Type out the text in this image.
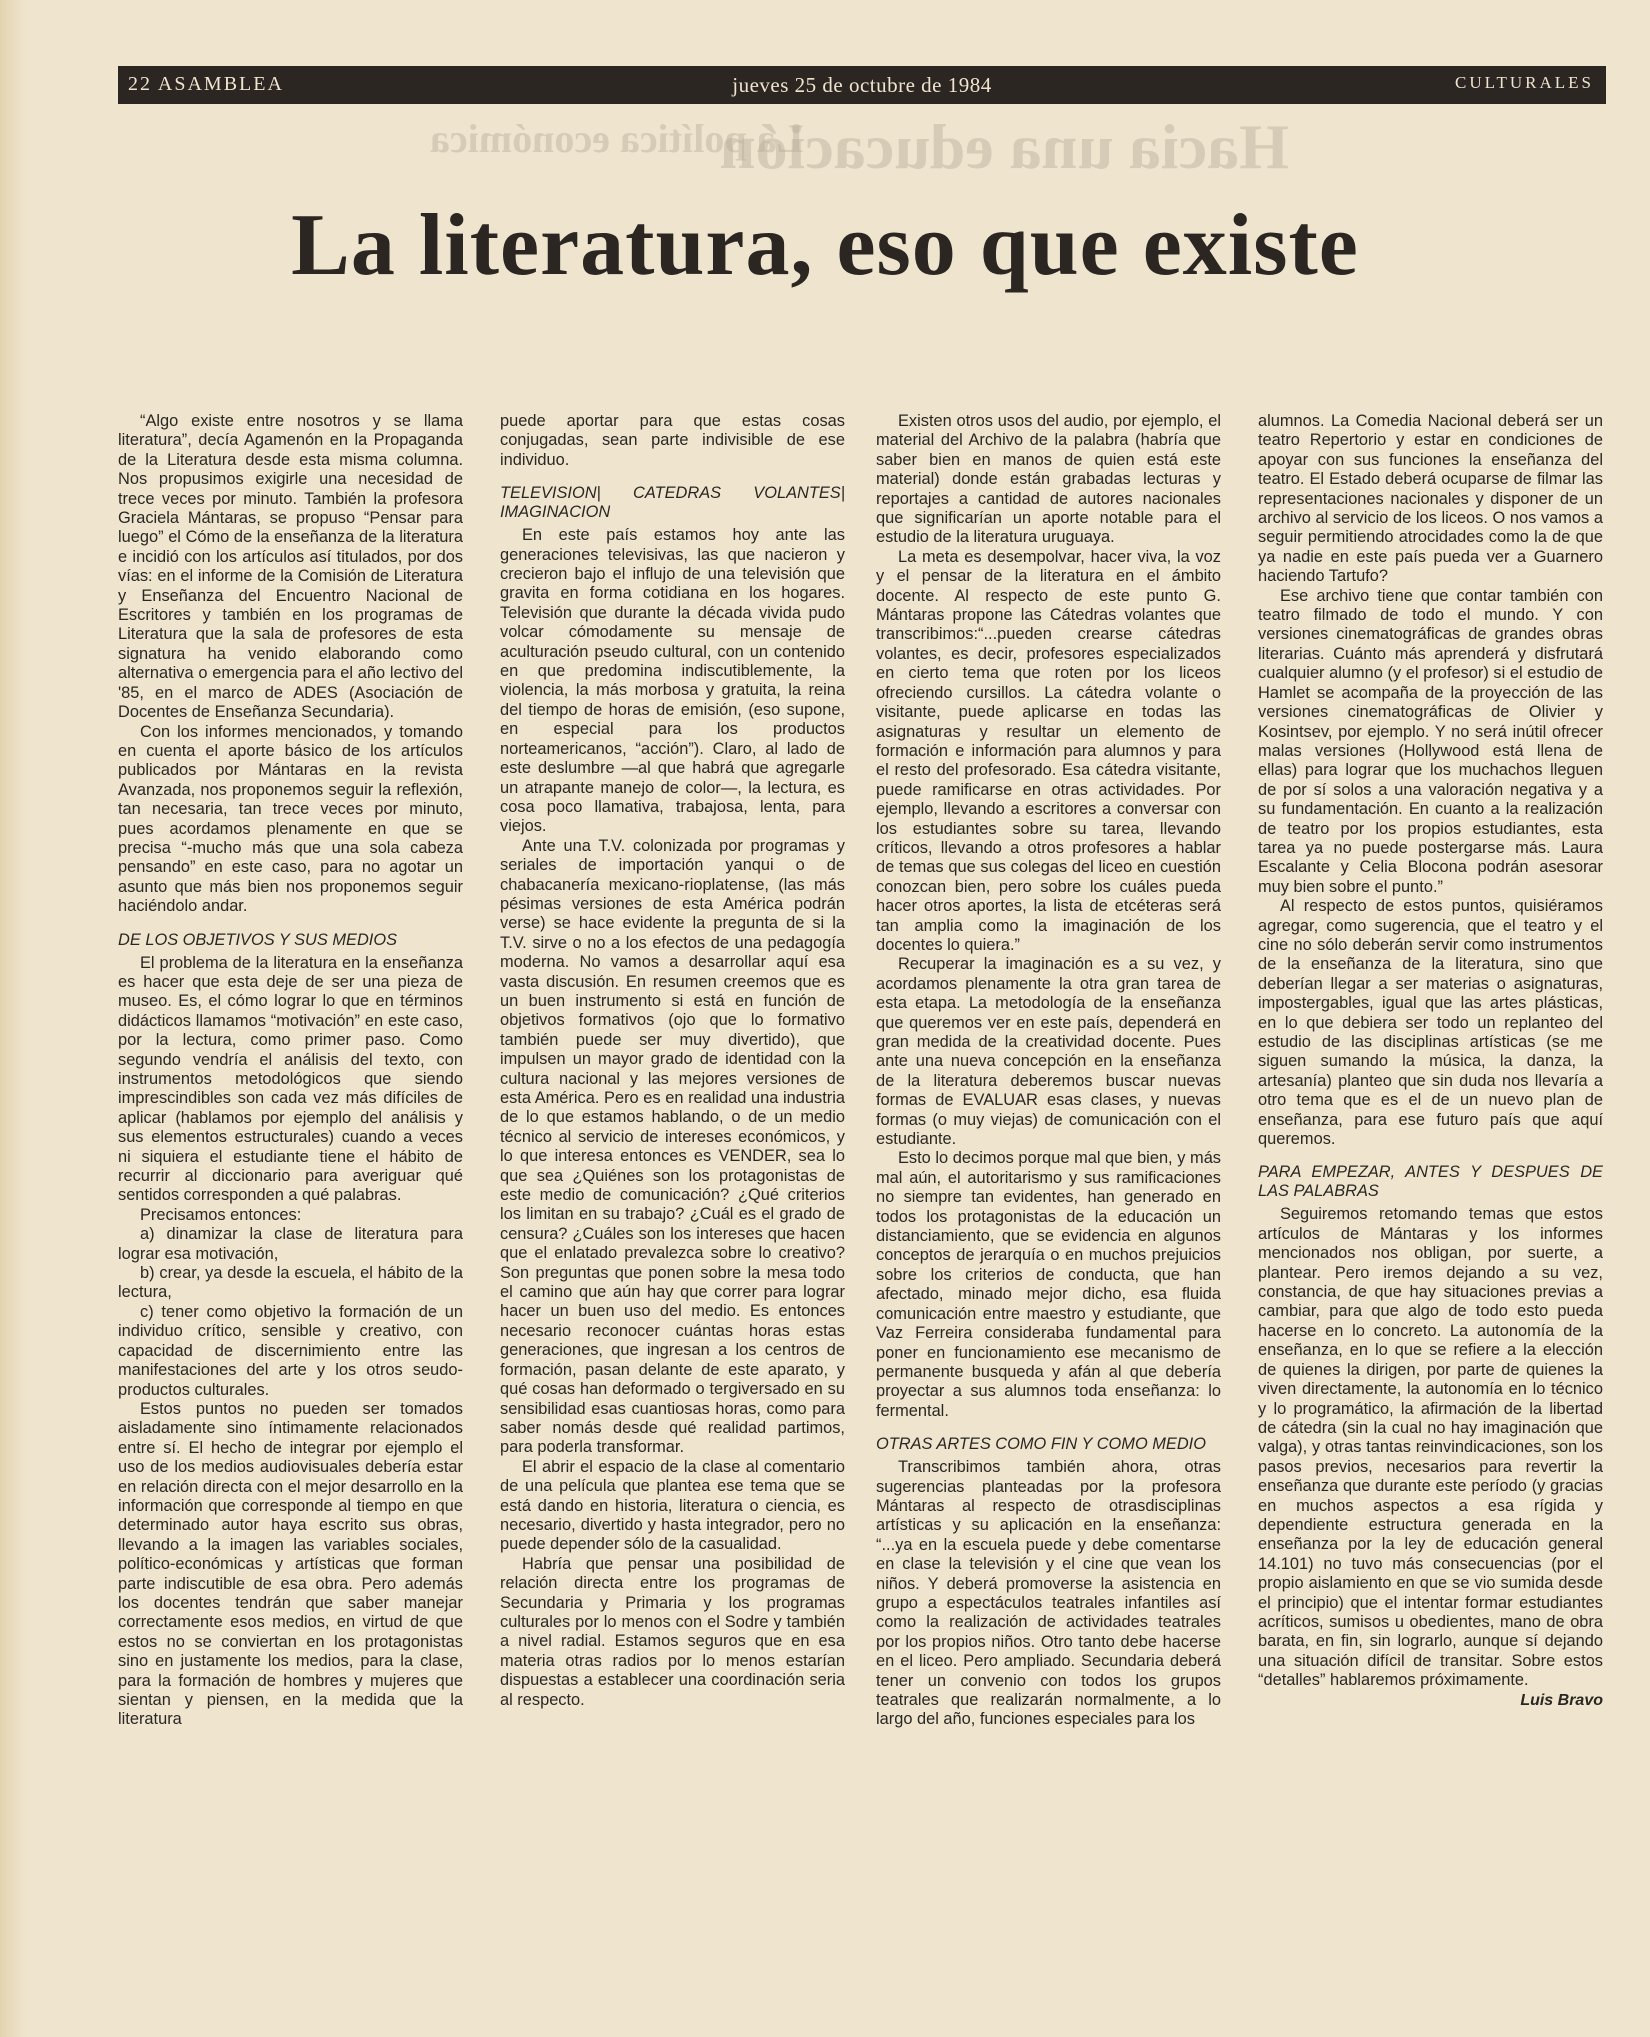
22 ASAMBLEA	jueves 25 de octubre de 1984	CULTURALES
Hacia una educación
La política económica
La literatura, eso que existe

“Algo existe entre nosotros y se llama literatura”, decía Agamenón en la Propaganda de la Literatura desde esta misma columna. Nos propusimos exigirle una necesidad de trece veces por minuto. También la profesora Graciela Mántaras, se propuso “Pensar para luego” el Cómo de la enseñanza de la literatura e incidió con los artículos así titulados, por dos vías: en el informe de la Comisión de Literatura y Enseñanza del Encuentro Nacional de Escritores y también en los programas de Literatura que la sala de profesores de esta signatura ha venido elaborando como alternativa o emergencia para el año lectivo del '85, en el marco de ADES (Asociación de Docentes de Enseñanza Secundaria).

Con los informes mencionados, y tomando en cuenta el aporte básico de los artículos publicados por Mántaras en la revista Avanzada, nos proponemos seguir la reflexión, tan necesaria, tan trece veces por minuto, pues acordamos plenamente en que se precisa “-mucho más que una sola cabeza pensando” en este caso, para no agotar un asunto que más bien nos proponemos seguir haciéndolo andar.

DE LOS OBJETIVOS Y SUS MEDIOS

El problema de la literatura en la enseñanza es hacer que esta deje de ser una pieza de museo. Es, el cómo lograr lo que en términos didácticos llamamos “motivación” en este caso, por la lectura, como primer paso. Como segundo vendría el análisis del texto, con instrumentos metodológicos que siendo imprescindibles son cada vez más difíciles de aplicar (hablamos por ejemplo del análisis y sus elementos estructurales) cuando a veces ni siquiera el estudiante tiene el hábito de recurrir al diccionario para averiguar qué sentidos corresponden a qué palabras.

Precisamos entonces:

a) dinamizar la clase de literatura para lograr esa motivación,

b) crear, ya desde la escuela, el hábito de la lectura,

c) tener como objetivo la formación de un individuo crítico, sensible y creativo, con capacidad de discernimiento entre las manifestaciones del arte y los otros seudo-productos culturales.

Estos puntos no pueden ser tomados aisladamente sino íntimamente relacionados entre sí. El hecho de integrar por ejemplo el uso de los medios audiovisuales debería estar en relación directa con el mejor desarrollo en la información que corresponde al tiempo en que determinado autor haya escrito sus obras, llevando a la imagen las variables sociales, político-económicas y artísticas que forman parte indiscutible de esa obra. Pero además los docentes tendrán que saber manejar correctamente esos medios, en virtud de que estos no se conviertan en los protagonistas sino en justamente los medios, para la clase, para la formación de hombres y mujeres que sientan y piensen, en la medida que la literatura

puede aportar para que estas cosas conjugadas, sean parte indivisible de ese individuo.

TELEVISION| CATEDRAS VOLANTES| IMAGINACION

En este país estamos hoy ante las generaciones televisivas, las que nacieron y crecieron bajo el influjo de una televisión que gravita en forma cotidiana en los hogares. Televisión que durante la década vivida pudo volcar cómodamente su mensaje de aculturación pseudo cultural, con un contenido en que predomina indiscutiblemente, la violencia, la más morbosa y gratuita, la reina del tiempo de horas de emisión, (eso supone, en especial para los productos norteamericanos, “acción”). Claro, al lado de este deslumbre —al que habrá que agregarle un atrapante manejo de color—, la lectura, es cosa poco llamativa, trabajosa, lenta, para viejos.

Ante una T.V. colonizada por programas y seriales de importación yanqui o de chabacanería mexicano-rioplatense, (las más pésimas versiones de esta América podrán verse) se hace evidente la pregunta de si la T.V. sirve o no a los efectos de una pedagogía moderna. No vamos a desarrollar aquí esa vasta discusión. En resumen creemos que es un buen instrumento si está en función de objetivos formativos (ojo que lo formativo también puede ser muy divertido), que impulsen un mayor grado de identidad con la cultura nacional y las mejores versiones de esta América. Pero es en realidad una industria de lo que estamos hablando, o de un medio técnico al servicio de intereses económicos, y lo que interesa entonces es VENDER, sea lo que sea ¿Quiénes son los protagonistas de este medio de comunicación? ¿Qué criterios los limitan en su trabajo? ¿Cuál es el grado de censura? ¿Cuáles son los intereses que hacen que el enlatado prevalezca sobre lo creativo? Son preguntas que ponen sobre la mesa todo el camino que aún hay que correr para lograr hacer un buen uso del medio. Es entonces necesario reconocer cuántas horas estas generaciones, que ingresan a los centros de formación, pasan delante de este aparato, y qué cosas han deformado o tergiversado en su sensibilidad esas cuantiosas horas, como para saber nomás desde qué realidad partimos, para poderla transformar.

El abrir el espacio de la clase al comentario de una película que plantea ese tema que se está dando en historia, literatura o ciencia, es necesario, divertido y hasta integrador, pero no puede depender sólo de la casualidad.

Habría que pensar una posibilidad de relación directa entre los programas de Secundaria y Primaria y los programas culturales por lo menos con el Sodre y también a nivel radial. Estamos seguros que en esa materia otras radios por lo menos estarían dispuestas a establecer una coordinación seria al respecto.

Existen otros usos del audio, por ejemplo, el material del Archivo de la palabra (habría que saber bien en manos de quien está este material) donde están grabadas lecturas y reportajes a cantidad de autores nacionales que significarían un aporte notable para el estudio de la literatura uruguaya.

La meta es desempolvar, hacer viva, la voz y el pensar de la literatura en el ámbito docente. Al respecto de este punto G. Mántaras propone las Cátedras volantes que transcribimos:“...pueden crearse cátedras volantes, es decir, profesores especializados en cierto tema que roten por los liceos ofreciendo cursillos. La cátedra volante o visitante, puede aplicarse en todas las asignaturas y resultar un elemento de formación e información para alumnos y para el resto del profesorado. Esa cátedra visitante, puede ramificarse en otras actividades. Por ejemplo, llevando a escritores a conversar con los estudiantes sobre su tarea, llevando críticos, llevando a otros profesores a hablar de temas que sus colegas del liceo en cuestión conozcan bien, pero sobre los cuáles pueda hacer otros aportes, la lista de etcéteras será tan amplia como la imaginación de los docentes lo quiera.”

Recuperar la imaginación es a su vez, y acordamos plenamente la otra gran tarea de esta etapa. La metodología de la enseñanza que queremos ver en este país, dependerá en gran medida de la creatividad docente. Pues ante una nueva concepción en la enseñanza de la literatura deberemos buscar nuevas formas de EVALUAR esas clases, y nuevas formas (o muy viejas) de comunicación con el estudiante.

Esto lo decimos porque mal que bien, y más mal aún, el autoritarismo y sus ramificaciones no siempre tan evidentes, han generado en todos los protagonistas de la educación un distanciamiento, que se evidencia en algunos conceptos de jerarquía o en muchos prejuicios sobre los criterios de conducta, que han afectado, minado mejor dicho, esa fluida comunicación entre maestro y estudiante, que Vaz Ferreira consideraba fundamental para poner en funcionamiento ese mecanismo de permanente busqueda y afán al que debería proyectar a sus alumnos toda enseñanza: lo fermental.

OTRAS ARTES COMO FIN Y COMO MEDIO

Transcribimos también ahora, otras sugerencias planteadas por la profesora Mántaras al respecto de otrasdisciplinas artísticas y su aplicación en la enseñanza: “...ya en la escuela puede y debe comentarse en clase la televisión y el cine que vean los niños. Y deberá promoverse la asistencia en grupo a espectáculos teatrales infantiles así como la realización de actividades teatrales por los propios niños. Otro tanto debe hacerse en el liceo. Pero ampliado. Secundaria deberá tener un convenio con todos los grupos teatrales que realizarán normalmente, a lo largo del año, funciones especiales para los

alumnos. La Comedia Nacional deberá ser un teatro Repertorio y estar en condiciones de apoyar con sus funciones la enseñanza del teatro. El Estado deberá ocuparse de filmar las representaciones nacionales y disponer de un archivo al servicio de los liceos. O nos vamos a seguir permitiendo atrocidades como la de que ya nadie en este país pueda ver a Guarnero haciendo Tartufo?

Ese archivo tiene que contar también con teatro filmado de todo el mundo. Y con versiones cinematográficas de grandes obras literarias. Cuánto más aprenderá y disfrutará cualquier alumno (y el profesor) si el estudio de Hamlet se acompaña de la proyección de las versiones cinematográficas de Olivier y Kosintsev, por ejemplo. Y no será inútil ofrecer malas versiones (Hollywood está llena de ellas) para lograr que los muchachos lleguen de por sí solos a una valoración negativa y a su fundamentación. En cuanto a la realización de teatro por los propios estudiantes, esta tarea ya no puede postergarse más. Laura Escalante y Celia Blocona podrán asesorar muy bien sobre el punto.”

Al respecto de estos puntos, quisiéramos agregar, como sugerencia, que el teatro y el cine no sólo deberán servir como instrumentos de la enseñanza de la literatura, sino que deberían llegar a ser materias o asignaturas, impostergables, igual que las artes plásticas, en lo que debiera ser todo un replanteo del estudio de las disciplinas artísticas (se me siguen sumando la música, la danza, la artesanía) planteo que sin duda nos llevaría a otro tema que es el de un nuevo plan de enseñanza, para ese futuro país que aquí queremos.

PARA EMPEZAR, ANTES Y DESPUES DE LAS PALABRAS

Seguiremos retomando temas que estos artículos de Mántaras y los informes mencionados nos obligan, por suerte, a plantear. Pero iremos dejando a su vez, constancia, de que hay situaciones previas a cambiar, para que algo de todo esto pueda hacerse en lo concreto. La autonomía de la enseñanza, en lo que se refiere a la elección de quienes la dirigen, por parte de quienes la viven directamente, la autonomía en lo técnico y lo programático, la afirmación de la libertad de cátedra (sin la cual no hay imaginación que valga), y otras tantas reinvindicaciones, son los pasos previos, necesarios para revertir la enseñanza que durante este período (y gracias en muchos aspectos a esa rígida y dependiente estructura generada en la enseñanza por la ley de educación general 14.101) no tuvo más consecuencias (por el propio aislamiento en que se vio sumida desde el principio) que el intentar formar estudiantes acríticos, sumisos u obedientes, mano de obra barata, en fin, sin lograrlo, aunque sí dejando una situación difícil de transitar. Sobre estos “detalles” hablaremos próximamente.

Luis Bravo
